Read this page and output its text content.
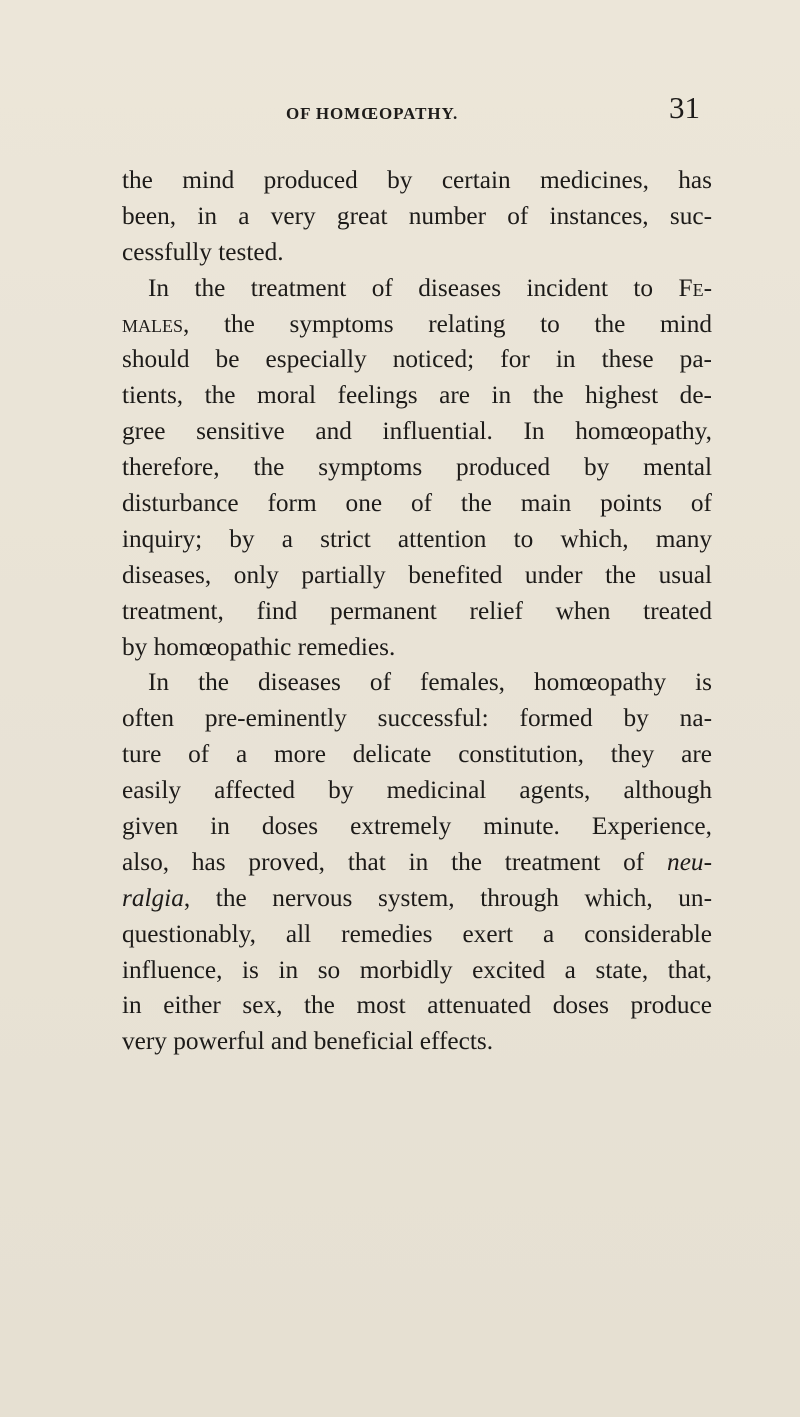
OF HOMŒOPATHY.	31
the mind produced by certain medicines, has
been, in a very great number of instances, suc-
cessfully tested.
In the treatment of diseases incident to Fe-
males, the symptoms relating to the mind
should be especially noticed; for in these pa-
tients, the moral feelings are in the highest de-
gree sensitive and influential. In homœopathy,
therefore, the symptoms produced by mental
disturbance form one of the main points of
inquiry; by a strict attention to which, many
diseases, only partially benefited under the usual
treatment, find permanent relief when treated
by homœopathic remedies.
In the diseases of females, homœopathy is
often pre-eminently successful: formed by na-
ture of a more delicate constitution, they are
easily affected by medicinal agents, although
given in doses extremely minute. Experience,
also, has proved, that in the treatment of neu-
ralgia, the nervous system, through which, un-
questionably, all remedies exert a considerable
influence, is in so morbidly excited a state, that,
in either sex, the most attenuated doses produce
very powerful and beneficial effects.
